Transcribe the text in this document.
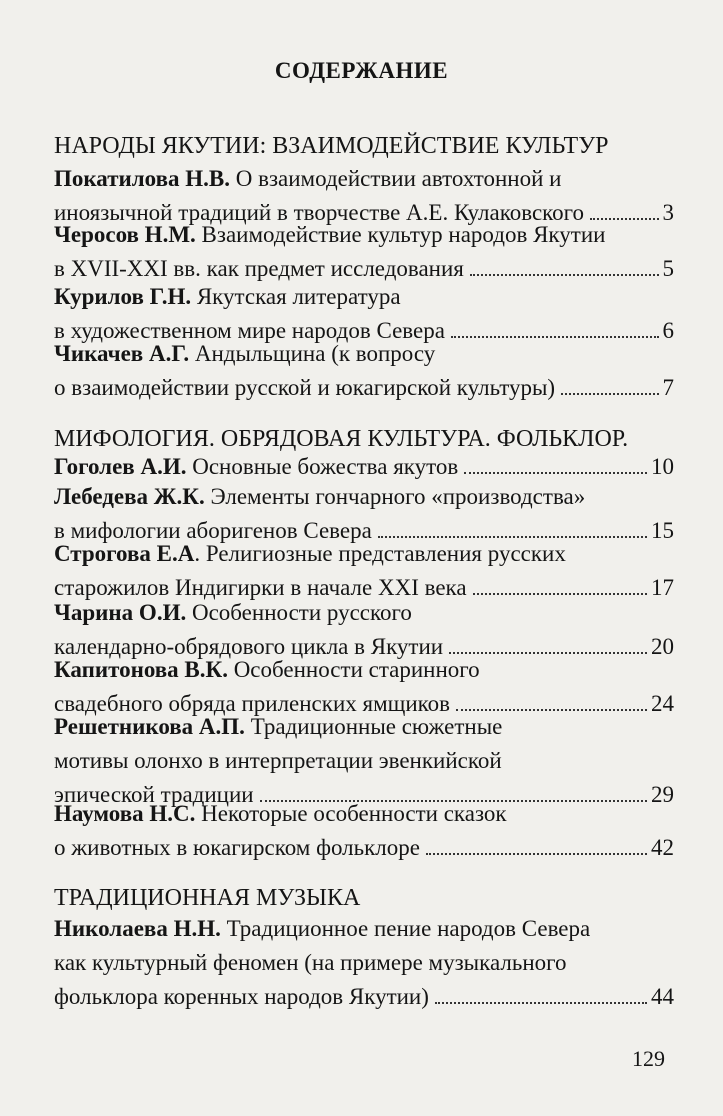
СОДЕРЖАНИЕ
НАРОДЫ ЯКУТИИ: ВЗАИМОДЕЙСТВИЕ КУЛЬТУР
Покатилова Н.В. О взаимодействии автохтонной и
иноязычной традиций в творчестве А.Е. Кулаковского	3
Черосов Н.М. Взаимодействие культур народов Якутии
в XVII-XXI вв. как предмет исследования	5
Курилов Г.Н. Якутская литература
в художественном мире народов Севера	6
Чикачев А.Г. Андыльщина (к вопросу
о взаимодействии русской и юкагирской культуры)	7
МИФОЛОГИЯ. ОБРЯДОВАЯ КУЛЬТУРА. ФОЛЬКЛОР.
Гоголев А.И. Основные божества якутов	10
Лебедева Ж.К. Элементы гончарного «производства»
в мифологии аборигенов Севера	15
Строгова Е.А. Религиозные представления русских
старожилов Индигирки в начале XXI века	17
Чарина О.И. Особенности русского
календарно-обрядового цикла в Якутии	20
Капитонова В.К. Особенности старинного
свадебного обряда приленских ямщиков	24
Решетникова А.П. Традиционные сюжетные
мотивы олонхо в интерпретации эвенкийской
эпической традиции	29
Наумова Н.С. Некоторые особенности сказок
о животных в юкагирском фольклоре	42
ТРАДИЦИОННАЯ МУЗЫКА
Николаева Н.Н. Традиционное пение народов Севера
как культурный феномен (на примере музыкального
фольклора коренных народов Якутии)	44
129
